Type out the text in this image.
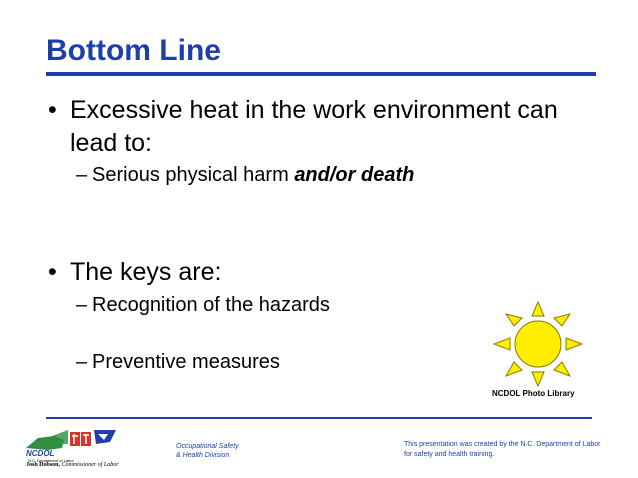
Bottom Line
• Excessive heat in the work environment can lead to:
– Serious physical harm and/or death
• The keys are:
– Recognition of the hazards
– Preventive measures
NCDOL Photo Library
Occupational Safety
& Health Division
NCDOL
N.C. Department of Labor
Josh Dobson, Commissioner of Labor
This presentation was created by the N.C. Department of Labor for safety and health training.
